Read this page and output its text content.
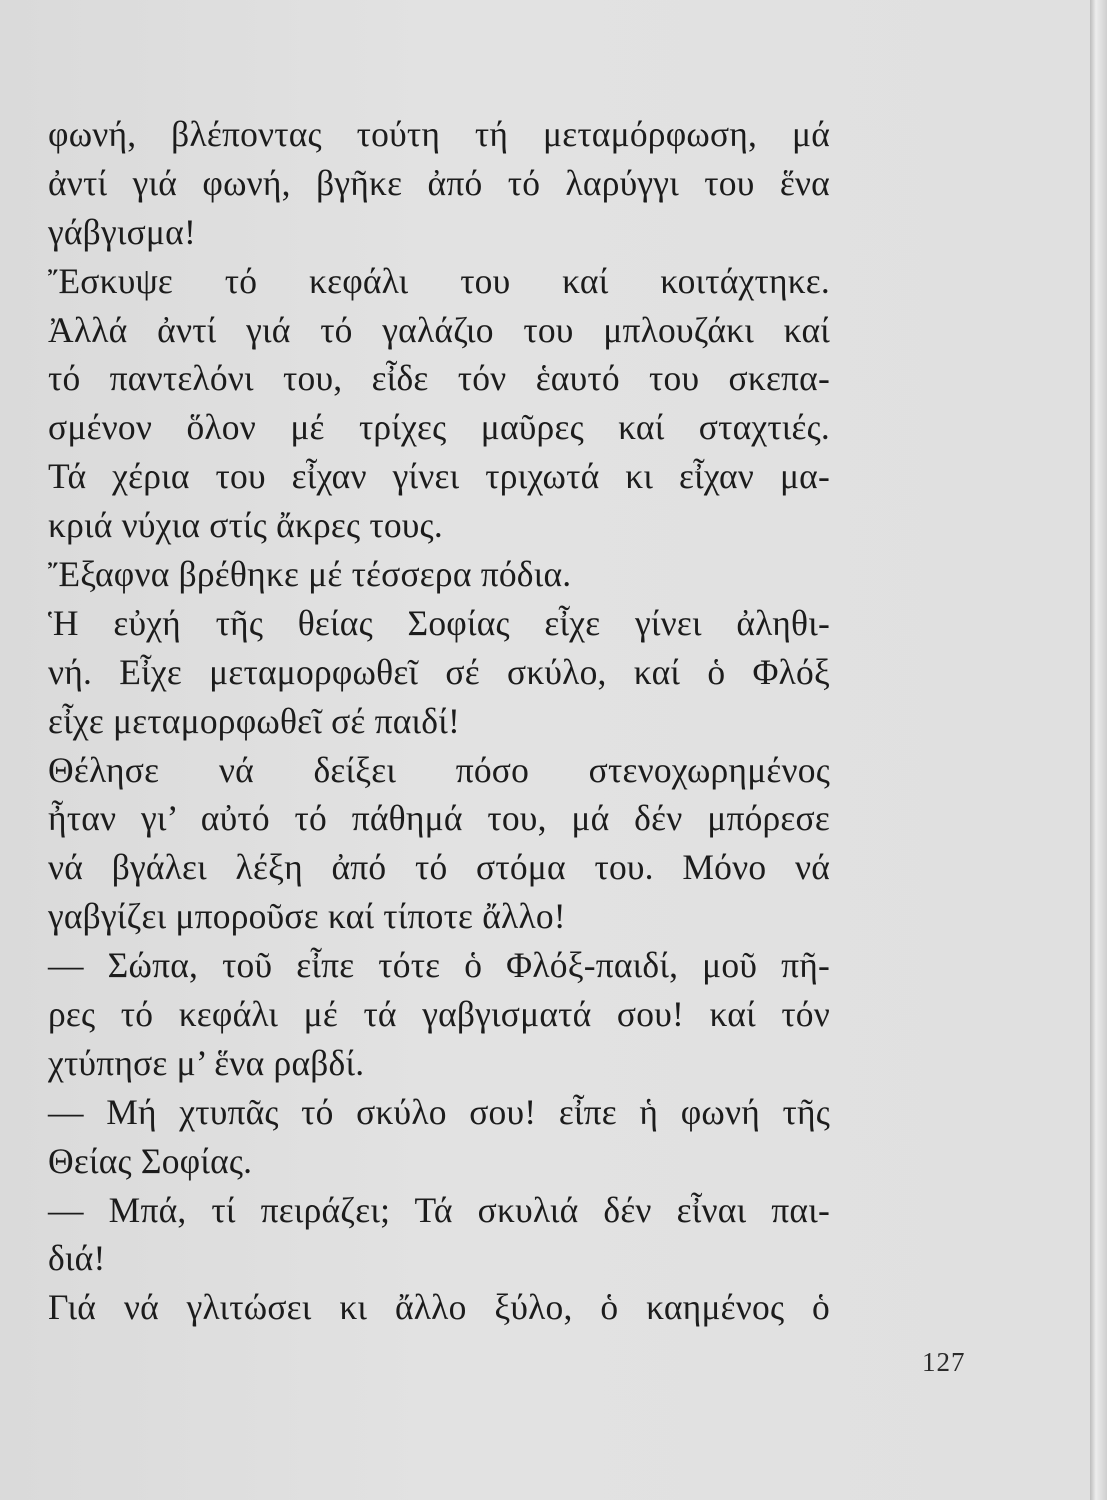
φωνή, βλέποντας τούτη τή μεταμόρφωση, μά
ἀντί γιά φωνή, βγῆκε ἀπό τό λαρύγγι του ἕνα
γάβγισμα!
Ἔσκυψε τό κεφάλι του καί κοιτάχτηκε.
Ἀλλά ἀντί γιά τό γαλάζιο του μπλουζάκι καί
τό παντελόνι του, εἶδε τόν ἑαυτό του σκεπα-
σμένον ὅλον μέ τρίχες μαῦρες καί σταχτιές.
Τά χέρια του εἶχαν γίνει τριχωτά κι εἶχαν μα-
κριά νύχια στίς ἄκρες τους.
Ἔξαφνα βρέθηκε μέ τέσσερα πόδια.
Ἡ εὐχή τῆς θείας Σοφίας εἶχε γίνει ἀληθι-
νή. Εἶχε μεταμορφωθεῖ σέ σκύλο, καί ὁ Φλόξ
εἶχε μεταμορφωθεῖ σέ παιδί!
Θέλησε νά δείξει πόσο στενοχωρημένος
ἦταν γι’ αὐτό τό πάθημά του, μά δέν μπόρεσε
νά βγάλει λέξη ἀπό τό στόμα του. Μόνο νά
γαβγίζει μποροῦσε καί τίποτε ἄλλο!
— Σώπα, τοῦ εἶπε τότε ὁ Φλόξ-παιδί, μοῦ πῆ-
ρες τό κεφάλι μέ τά γαβγισματά σου! καί τόν
χτύπησε μ’ ἕνα ραβδί.
— Μή χτυπᾶς τό σκύλο σου! εἶπε ἡ φωνή τῆς
Θείας Σοφίας.
— Μπά, τί πειράζει; Τά σκυλιά δέν εἶναι παι-
διά!
Γιά νά γλιτώσει κι ἄλλο ξύλο, ὁ καημένος ὁ
127
